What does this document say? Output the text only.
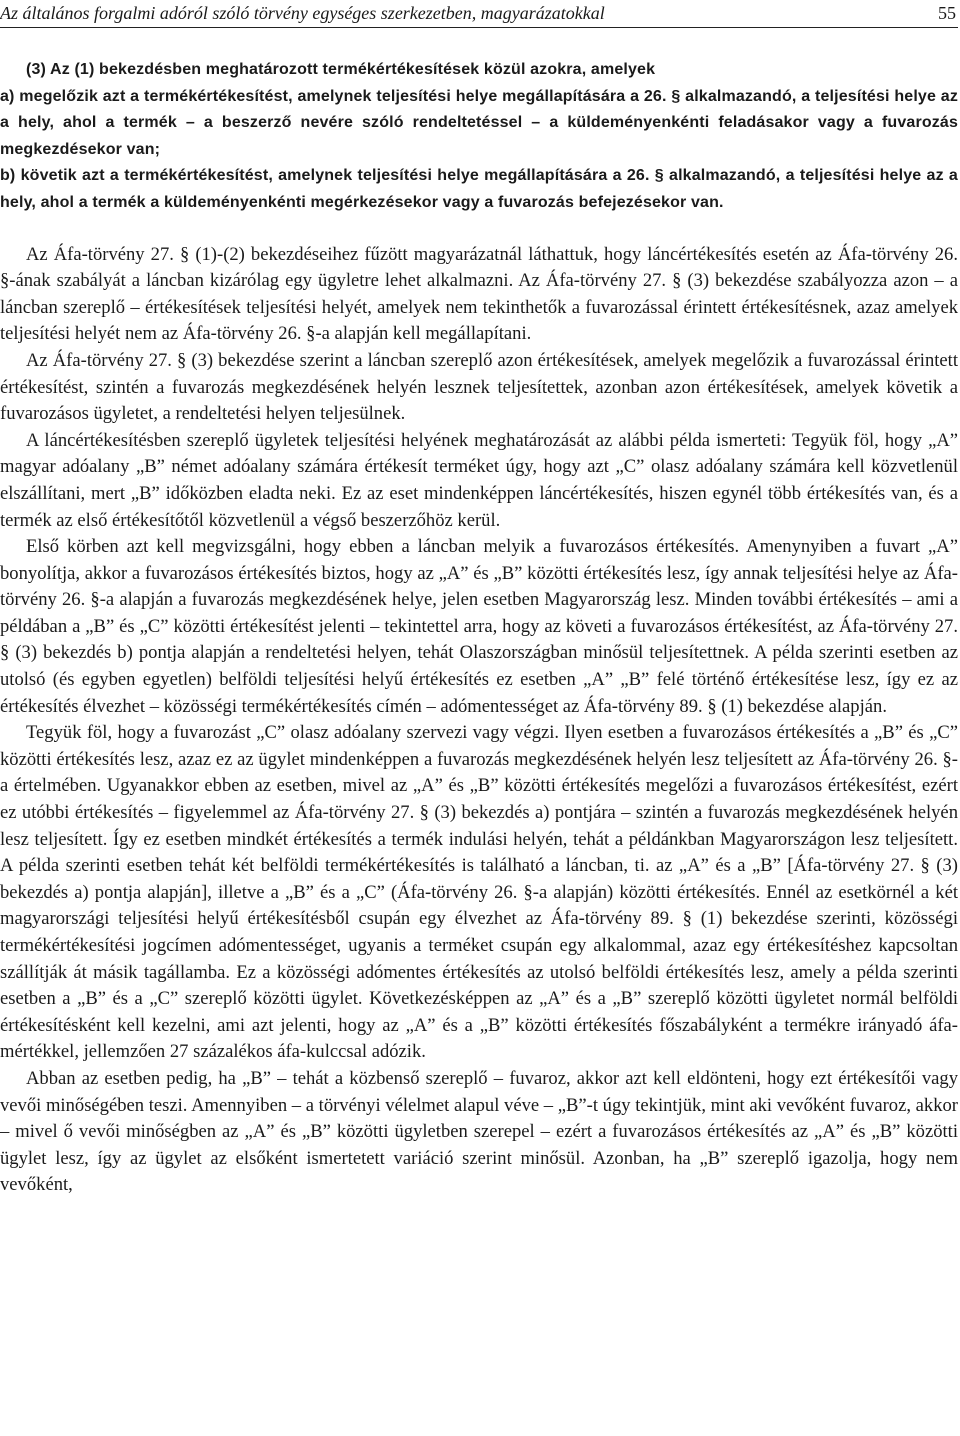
Az általános forgalmi adóról szóló törvény egységes szerkezetben, magyarázatokkal	55

(3) Az (1) bekezdésben meghatározott termékértékesítések közül azokra, amelyek

a) megelőzik azt a termékértékesítést, amelynek teljesítési helye megállapítására a 26. § alkalmazandó, a teljesítési helye az a hely, ahol a termék – a beszerző nevére szóló rendeltetéssel – a küldeményenkénti feladásakor vagy a fuvarozás megkezdésekor van;

b) követik azt a termékértékesítést, amelynek teljesítési helye megállapítására a 26. § alkalmazandó, a teljesítési helye az a hely, ahol a termék a küldeményenkénti megérkezésekor vagy a fuvarozás befejezésekor van.

Az Áfa-törvény 27. § (1)-(2) bekezdéseihez fűzött magyarázatnál láthattuk, hogy láncértékesítés esetén az Áfa-törvény 26. §-ának szabályát a láncban kizárólag egy ügyletre lehet alkalmazni. Az Áfa-törvény 27. § (3) bekezdése szabályozza azon – a láncban szereplő – értékesítések teljesítési helyét, amelyek nem tekinthetők a fuvarozással érintett értékesítésnek, azaz amelyek teljesítési helyét nem az Áfa-törvény 26. §-a alapján kell megállapítani.

Az Áfa-törvény 27. § (3) bekezdése szerint a láncban szereplő azon értékesítések, amelyek megelőzik a fuvarozással érintett értékesítést, szintén a fuvarozás megkezdésének helyén lesznek teljesítettek, azonban azon értékesítések, amelyek követik a fuvarozásos ügyletet, a rendeltetési helyen teljesülnek.

A láncértékesítésben szereplő ügyletek teljesítési helyének meghatározását az alábbi példa ismerteti: Tegyük föl, hogy „A” magyar adóalany „B” német adóalany számára értékesít terméket úgy, hogy azt „C” olasz adóalany számára kell közvetlenül elszállítani, mert „B” időközben eladta neki. Ez az eset mindenképpen láncértékesítés, hiszen egynél több értékesítés van, és a termék az első értékesítőtől közvetlenül a végső beszerzőhöz kerül.

Első körben azt kell megvizsgálni, hogy ebben a láncban melyik a fuvarozásos értékesítés. Amenynyiben a fuvart „A” bonyolítja, akkor a fuvarozásos értékesítés biztos, hogy az „A” és „B” közötti értékesítés lesz, így annak teljesítési helye az Áfa-törvény 26. §-a alapján a fuvarozás megkezdésének helye, jelen esetben Magyarország lesz. Minden további értékesítés – ami a példában a „B” és „C” közötti értékesítést jelenti – tekintettel arra, hogy az követi a fuvarozásos értékesítést, az Áfa-törvény 27. § (3) bekezdés b) pontja alapján a rendeltetési helyen, tehát Olaszországban minősül teljesítettnek. A példa szerinti esetben az utolsó (és egyben egyetlen) belföldi teljesítési helyű értékesítés ez esetben „A” „B” felé történő értékesítése lesz, így ez az értékesítés élvezhet – közösségi termékértékesítés címén – adómentességet az Áfa-törvény 89. § (1) bekezdése alapján.

Tegyük föl, hogy a fuvarozást „C” olasz adóalany szervezi vagy végzi. Ilyen esetben a fuvarozásos értékesítés a „B” és „C” közötti értékesítés lesz, azaz ez az ügylet mindenképpen a fuvarozás megkezdésének helyén lesz teljesített az Áfa-törvény 26. §-a értelmében. Ugyanakkor ebben az esetben, mivel az „A” és „B” közötti értékesítés megelőzi a fuvarozásos értékesítést, ezért ez utóbbi értékesítés – figyelemmel az Áfa-törvény 27. § (3) bekezdés a) pontjára – szintén a fuvarozás megkezdésének helyén lesz teljesített. Így ez esetben mindkét értékesítés a termék indulási helyén, tehát a példánkban Magyarországon lesz teljesített. A példa szerinti esetben tehát két belföldi termékértékesítés is található a láncban, ti. az „A” és a „B” [Áfa-törvény 27. § (3) bekezdés a) pontja alapján], illetve a „B” és a „C” (Áfa-törvény 26. §-a alapján) közötti értékesítés. Ennél az esetkörnél a két magyarországi teljesítési helyű értékesítésből csupán egy élvezhet az Áfa-törvény 89. § (1) bekezdése szerinti, közösségi termékértékesítési jogcímen adómentességet, ugyanis a terméket csupán egy alkalommal, azaz egy értékesítéshez kapcsoltan szállítják át másik tagállamba. Ez a közösségi adómentes értékesítés az utolsó belföldi értékesítés lesz, amely a példa szerinti esetben a „B” és a „C” szereplő közötti ügylet. Következésképpen az „A” és a „B” szereplő közötti ügyletet normál belföldi értékesítésként kell kezelni, ami azt jelenti, hogy az „A” és a „B” közötti értékesítés főszabályként a termékre irányadó áfa-mértékkel, jellemzően 27 százalékos áfa-kulccsal adózik.

Abban az esetben pedig, ha „B” – tehát a közbenső szereplő – fuvaroz, akkor azt kell eldönteni, hogy ezt értékesítői vagy vevői minőségében teszi. Amennyiben – a törvényi vélelmet alapul véve – „B”-t úgy tekintjük, mint aki vevőként fuvaroz, akkor – mivel ő vevői minőségben az „A” és „B” közötti ügyletben szerepel – ezért a fuvarozásos értékesítés az „A” és „B” közötti ügylet lesz, így az ügylet az elsőként ismertetett variáció szerint minősül. Azonban, ha „B” szereplő igazolja, hogy nem vevőként,
